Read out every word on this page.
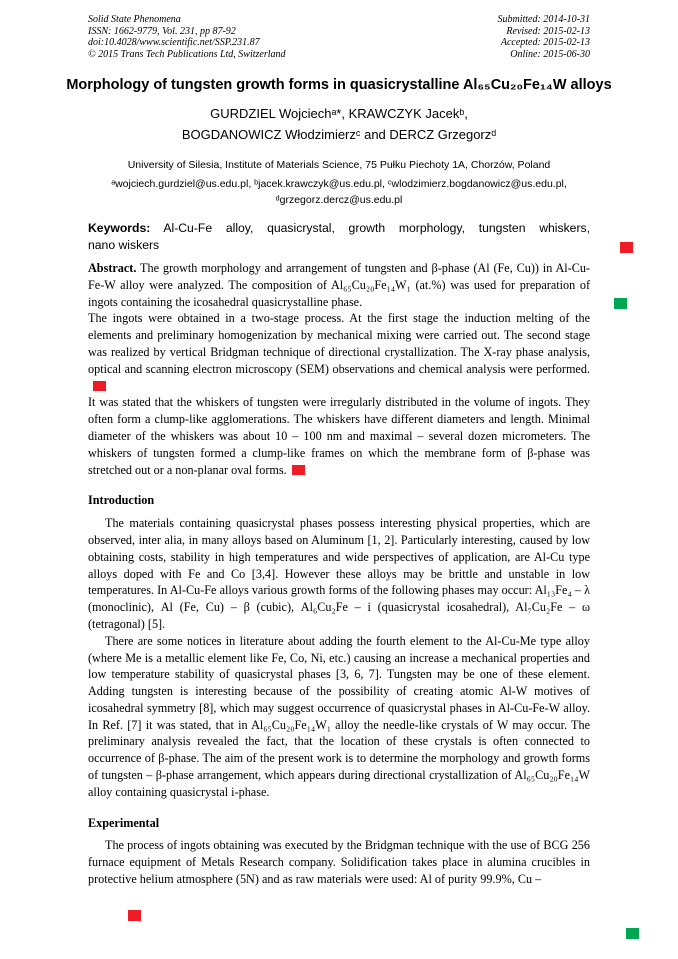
Solid State Phenomena
ISSN: 1662-9779, Vol. 231, pp 87-92
doi:10.4028/www.scientific.net/SSP.231.87
© 2015 Trans Tech Publications Ltd, Switzerland
Submitted: 2014-10-31
Revised: 2015-02-13
Accepted: 2015-02-13
Online: 2015-06-30
Morphology of tungsten growth forms in quasicrystalline Al₆₅Cu₂₀Fe₁₄W alloys
GURDZIEL Wojciechᵃ*, KRAWCZYK Jacekᵇ,
BOGDANOWICZ Włodzimierzᶜ and DERCZ Grzegorzᵈ
University of Silesia, Institute of Materials Science, 75 Pułku Piechoty 1A, Chorzów, Poland
ᵃwojciech.gurdziel@us.edu.pl, ᵇjacek.krawczyk@us.edu.pl, ᶜwlodzimierz.bogdanowicz@us.edu.pl, ᵈgrzegorz.dercz@us.edu.pl
Keywords: Al-Cu-Fe alloy, quasicrystal, growth morphology, tungsten whiskers,
nano wiskers

Abstract. The growth morphology and arrangement of tungsten and β-phase (Al (Fe, Cu)) in Al-Cu-Fe-W alloy were analyzed. The composition of Al₆₅Cu₂₀Fe₁₄W₁ (at.%) was used for preparation of ingots containing the icosahedral quasicrystalline phase.

The ingots were obtained in a two-stage process. At the first stage the induction melting of the elements and preliminary homogenization by mechanical mixing were carried out. The second stage was realized by vertical Bridgman technique of directional crystallization. The X-ray phase analysis, optical and scanning electron microscopy (SEM) observations and chemical analysis were performed.

It was stated that the whiskers of tungsten were irregularly distributed in the volume of ingots. They often form a clump-like agglomerations. The whiskers have different diameters and length. Minimal diameter of the whiskers was about 10 – 100 nm and maximal – several dozen micrometers. The whiskers of tungsten formed a clump-like frames on which the membrane form of β-phase was stretched out or a non-planar oval forms.

Introduction

The materials containing quasicrystal phases possess interesting physical properties, which are observed, inter alia, in many alloys based on Aluminum [1, 2]. Particularly interesting, caused by low obtaining costs, stability in high temperatures and wide perspectives of application, are Al-Cu type alloys doped with Fe and Co [3,4]. However these alloys may be brittle and unstable in low temperatures. In Al-Cu-Fe alloys various growth forms of the following phases may occur: Al₁₃Fe₄ – λ (monoclinic), Al (Fe, Cu) – β (cubic), Al₆Cu₂Fe – i (quasicrystal icosahedral), Al₇Cu₂Fe – ω (tetragonal) [5].

There are some notices in literature about adding the fourth element to the Al-Cu-Me type alloy (where Me is a metallic element like Fe, Co, Ni, etc.) causing an increase a mechanical properties and low temperature stability of quasicrystal phases [3, 6, 7]. Tungsten may be one of these element. Adding tungsten is interesting because of the possibility of creating atomic Al-W motives of icosahedral symmetry [8], which may suggest occurrence of quasicrystal phases in Al-Cu-Fe-W alloy. In Ref. [7] it was stated, that in Al₆₅Cu₂₀Fe₁₄W₁ alloy the needle-like crystals of W may occur. The preliminary analysis revealed the fact, that the location of these crystals is often connected to occurrence of β-phase. The aim of the present work is to determine the morphology and growth forms of tungsten – β-phase arrangement, which appears during directional crystallization of Al₆₅Cu₂₀Fe₁₄W alloy containing quasicrystal i-phase.

Experimental

The process of ingots obtaining was executed by the Bridgman technique with the use of BCG 256 furnace equipment of Metals Research company. Solidification takes place in alumina crucibles in protective helium atmosphere (5N) and as raw materials were used: Al of purity 99.9%, Cu –
